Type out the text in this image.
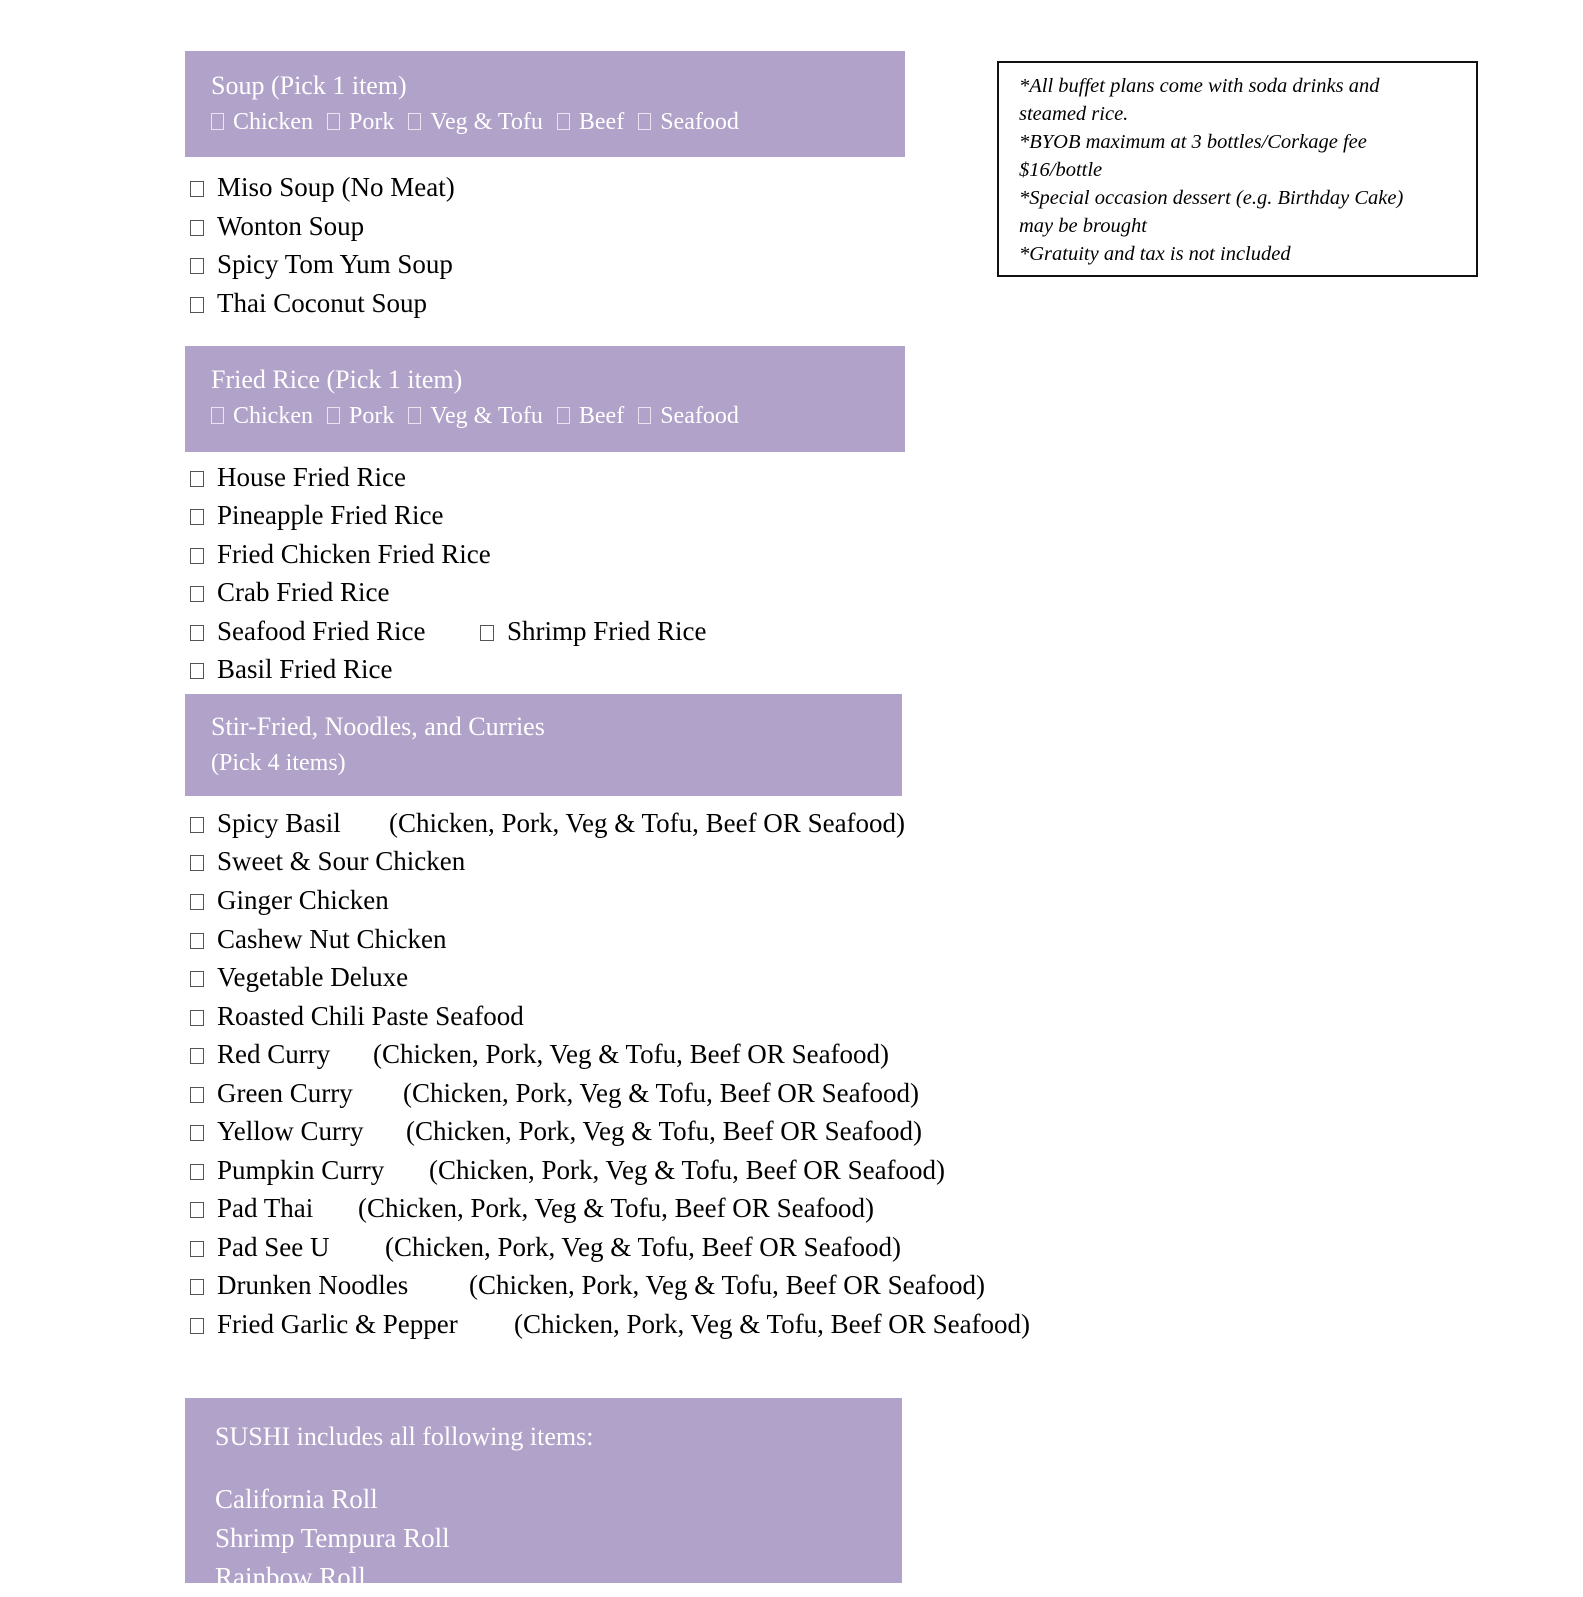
Soup (Pick 1 item)
Chicken Pork Veg & Tofu Beef Seafood
Miso Soup (No Meat)
Wonton Soup
Spicy Tom Yum Soup
Thai Coconut Soup
*All buffet plans come with soda drinks and
steamed rice.
*BYOB maximum at 3 bottles/Corkage fee
$16/bottle
*Special occasion dessert (e.g. Birthday Cake)
may be brought
*Gratuity and tax is not included
Fried Rice (Pick 1 item)
Chicken Pork Veg & Tofu Beef Seafood
House Fried Rice
Pineapple Fried Rice
Fried Chicken Fried Rice
Crab Fried Rice
Seafood Fried Rice	Shrimp Fried Rice
Basil Fried Rice
Stir-Fried, Noodles, and Curries
(Pick 4 items)
Spicy Basil (Chicken, Pork, Veg & Tofu, Beef OR Seafood)
Sweet & Sour Chicken
Ginger Chicken
Cashew Nut Chicken
Vegetable Deluxe
Roasted Chili Paste Seafood
Red Curry (Chicken, Pork, Veg & Tofu, Beef OR Seafood)
Green Curry (Chicken, Pork, Veg & Tofu, Beef OR Seafood)
Yellow Curry (Chicken, Pork, Veg & Tofu, Beef OR Seafood)
Pumpkin Curry (Chicken, Pork, Veg & Tofu, Beef OR Seafood)
Pad Thai (Chicken, Pork, Veg & Tofu, Beef OR Seafood)
Pad See U (Chicken, Pork, Veg & Tofu, Beef OR Seafood)
Drunken Noodles (Chicken, Pork, Veg & Tofu, Beef OR Seafood)
Fried Garlic & Pepper (Chicken, Pork, Veg & Tofu, Beef OR Seafood)
SUSHI includes all following items:
California Roll
Shrimp Tempura Roll
Rainbow Roll
